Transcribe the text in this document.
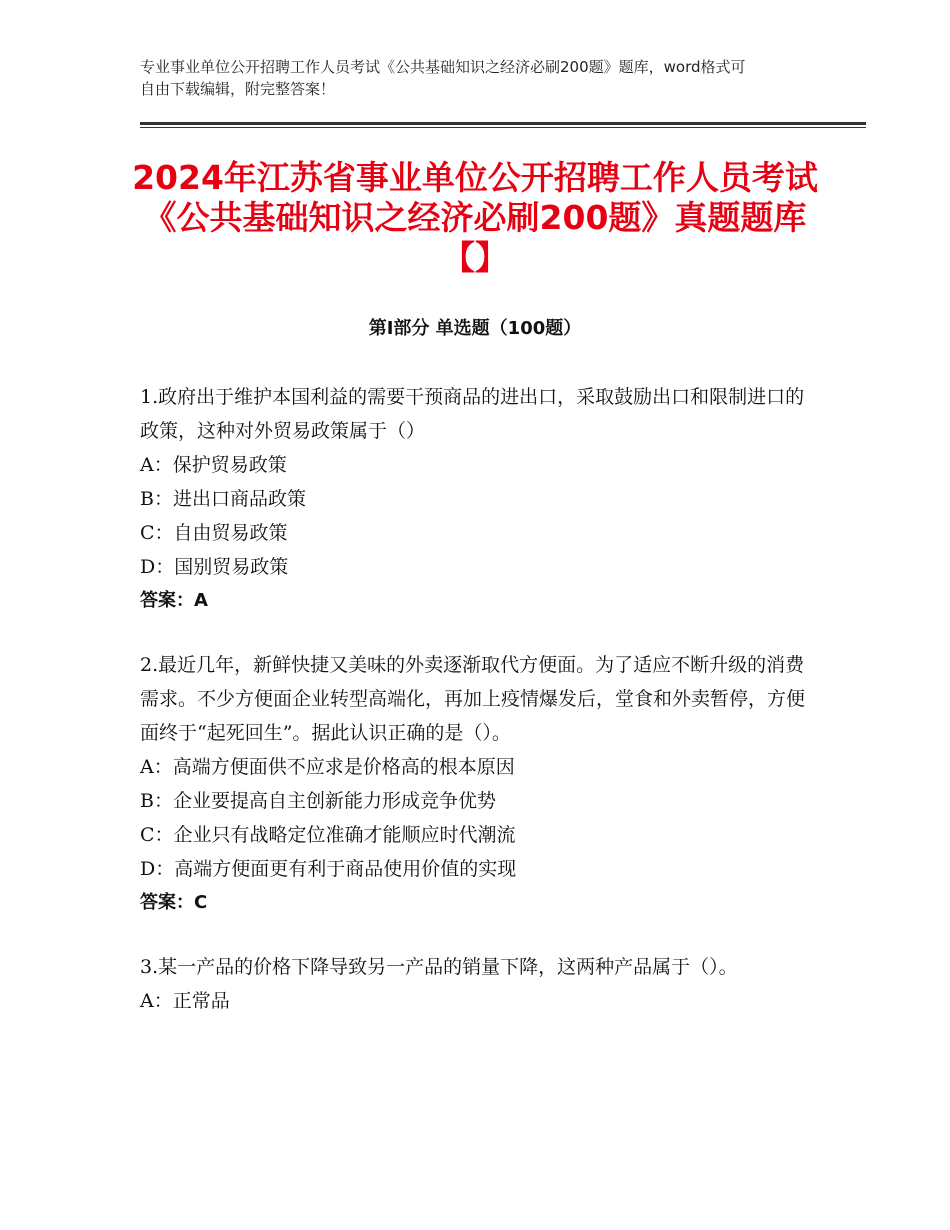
专业事业单位公开招聘工作人员考试《公共基础知识之经济必刷200题》题库，word格式可自由下载编辑，附完整答案！
2024年江苏省事业单位公开招聘工作人员考试《公共基础知识之经济必刷200题》真题题库【】
第Ⅰ部分 单选题（100题）

1.政府出于维护本国利益的需要干预商品的进出口，采取鼓励出口和限制进口的政策，这种对外贸易政策属于（）

A：保护贸易政策

B：进出口商品政策

C：自由贸易政策

D：国别贸易政策

答案：A

2.最近几年，新鲜快捷又美味的外卖逐渐取代方便面。为了适应不断升级的消费需求。不少方便面企业转型高端化，再加上疫情爆发后，堂食和外卖暂停，方便面终于“起死回生”。据此认识正确的是（）。

A：高端方便面供不应求是价格高的根本原因

B：企业要提高自主创新能力形成竞争优势

C：企业只有战略定位准确才能顺应时代潮流

D：高端方便面更有利于商品使用价值的实现

答案：C

3.某一产品的价格下降导致另一产品的销量下降，这两种产品属于（）。

A：正常品
